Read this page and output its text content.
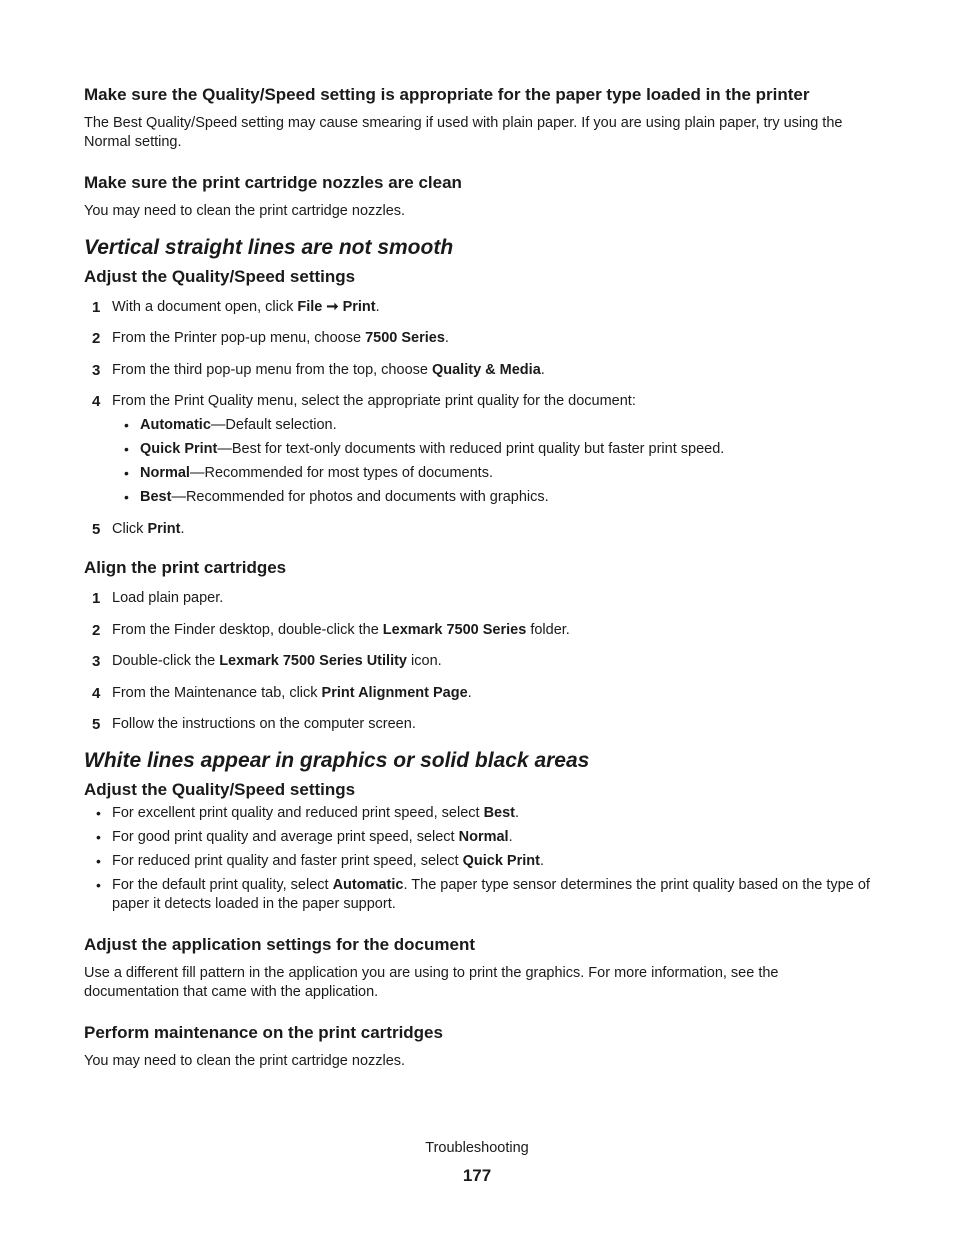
Make sure the Quality/Speed setting is appropriate for the paper type loaded in the printer

The Best Quality/Speed setting may cause smearing if used with plain paper. If you are using plain paper, try using the Normal setting.

Make sure the print cartridge nozzles are clean

You may need to clean the print cartridge nozzles.

Vertical straight lines are not smooth
Adjust the Quality/Speed settings
1 With a document open, click File ➞ Print.
2 From the Printer pop-up menu, choose 7500 Series.
3 From the third pop-up menu from the top, choose Quality & Media.
4 From the Print Quality menu, select the appropriate print quality for the document:
• Automatic—Default selection.
• Quick Print—Best for text-only documents with reduced print quality but faster print speed.
• Normal—Recommended for most types of documents.
• Best—Recommended for photos and documents with graphics.
5 Click Print.
Align the print cartridges
1 Load plain paper.
2 From the Finder desktop, double-click the Lexmark 7500 Series folder.
3 Double-click the Lexmark 7500 Series Utility icon.
4 From the Maintenance tab, click Print Alignment Page.
5 Follow the instructions on the computer screen.
White lines appear in graphics or solid black areas
Adjust the Quality/Speed settings
• For excellent print quality and reduced print speed, select Best.
• For good print quality and average print speed, select Normal.
• For reduced print quality and faster print speed, select Quick Print.
• For the default print quality, select Automatic. The paper type sensor determines the print quality based on the type of paper it detects loaded in the paper support.
Adjust the application settings for the document

Use a different fill pattern in the application you are using to print the graphics. For more information, see the documentation that came with the application.

Perform maintenance on the print cartridges

You may need to clean the print cartridge nozzles.

Troubleshooting
177
